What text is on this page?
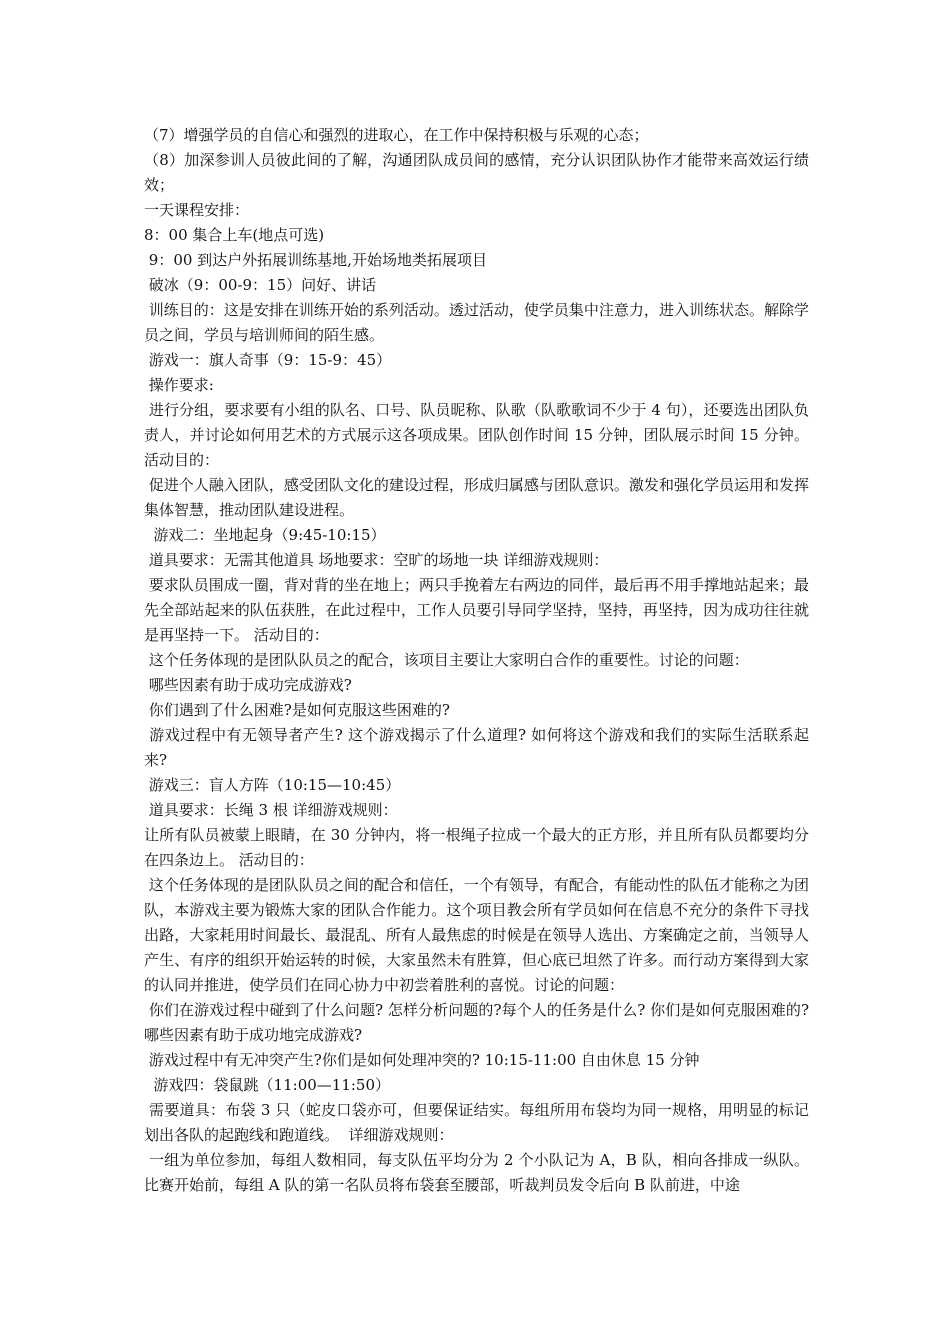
（7）增强学员的自信心和强烈的进取心，在工作中保持积极与乐观的心态；

（8）加深参训人员彼此间的了解，沟通团队成员间的感情，充分认识团队协作才能带来高效运行绩效；

一天课程安排：

8：00 集合上车(地点可选)

9：00 到达户外拓展训练基地,开始场地类拓展项目

破冰（9：00-9：15）问好、讲话

训练目的：这是安排在训练开始的系列活动。透过活动，使学员集中注意力，进入训练状态。解除学员之间，学员与培训师间的陌生感。

游戏一：旗人奇事（9：15-9：45）

操作要求:

进行分组，要求要有小组的队名、口号、队员昵称、队歌（队歌歌词不少于 4 句），还要选出团队负责人，并讨论如何用艺术的方式展示这各项成果。团队创作时间 15 分钟，团队展示时间 15 分钟。 活动目的：

促进个人融入团队，感受团队文化的建设过程，形成归属感与团队意识。激发和强化学员运用和发挥集体智慧，推动团队建设进程。

游戏二：坐地起身（9:45-10:15）

道具要求：无需其他道具 场地要求：空旷的场地一块 详细游戏规则：

要求队员围成一圈，背对背的坐在地上；两只手挽着左右两边的同伴，最后再不用手撑地站起来；最先全部站起来的队伍获胜，在此过程中，工作人员要引导同学坚持，坚持，再坚持，因为成功往往就是再坚持一下。 活动目的：

这个任务体现的是团队队员之的配合，该项目主要让大家明白合作的重要性。讨论的问题：

哪些因素有助于成功完成游戏?

你们遇到了什么困难?是如何克服这些困难的?

游戏过程中有无领导者产生? 这个游戏揭示了什么道理? 如何将这个游戏和我们的实际生活联系起来?

游戏三：盲人方阵（10:15—10:45）

道具要求：长绳 3 根 详细游戏规则：

让所有队员被蒙上眼睛，在 30 分钟内，将一根绳子拉成一个最大的正方形，并且所有队员都要均分在四条边上。 活动目的：

这个任务体现的是团队队员之间的配合和信任，一个有领导，有配合，有能动性的队伍才能称之为团队，本游戏主要为锻炼大家的团队合作能力。这个项目教会所有学员如何在信息不充分的条件下寻找出路，大家耗用时间最长、最混乱、所有人最焦虑的时候是在领导人选出、方案确定之前，当领导人产生、有序的组织开始运转的时候，大家虽然未有胜算，但心底已坦然了许多。而行动方案得到大家的认同并推进，使学员们在同心协力中初尝着胜利的喜悦。讨论的问题：

你们在游戏过程中碰到了什么问题? 怎样分析问题的?每个人的任务是什么? 你们是如何克服困难的? 哪些因素有助于成功地完成游戏?

游戏过程中有无冲突产生?你们是如何处理冲突的? 10:15-11:00 自由休息 15 分钟

游戏四：袋鼠跳（11:00—11:50）

需要道具：布袋 3 只（蛇皮口袋亦可，但要保证结实。每组所用布袋均为同一规格，用明显的标记划出各队的起跑线和跑道线。  详细游戏规则：

一组为单位参加，每组人数相同，每支队伍平均分为 2 个小队记为 A，B 队，相向各排成一纵队。比赛开始前，每组 A 队的第一名队员将布袋套至腰部，听裁判员发令后向 B 队前进，中途
